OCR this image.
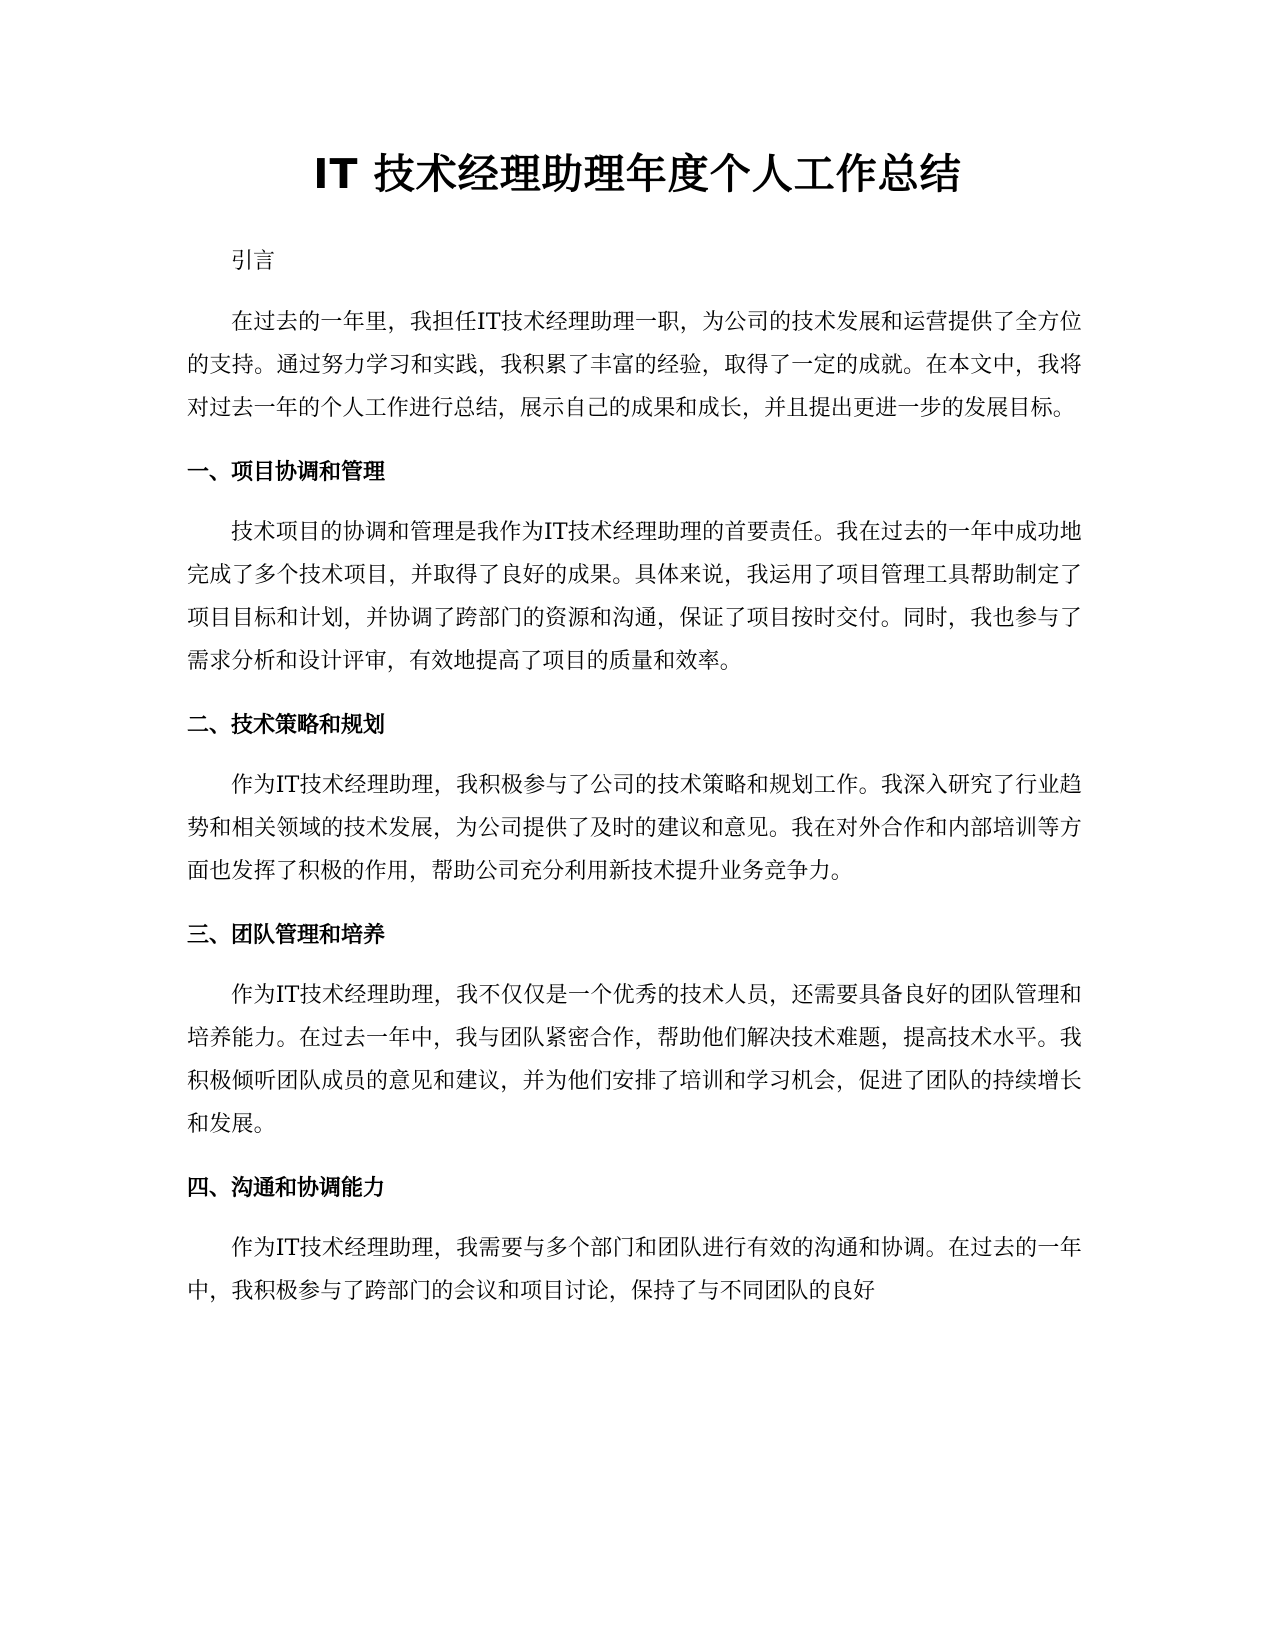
IT 技术经理助理年度个人工作总结

引言

在过去的一年里，我担任IT技术经理助理一职，为公司的技术发展和运营提供了全方位的支持。通过努力学习和实践，我积累了丰富的经验，取得了一定的成就。在本文中，我将对过去一年的个人工作进行总结，展示自己的成果和成长，并且提出更进一步的发展目标。

一、项目协调和管理

技术项目的协调和管理是我作为IT技术经理助理的首要责任。我在过去的一年中成功地完成了多个技术项目，并取得了良好的成果。具体来说，我运用了项目管理工具帮助制定了项目目标和计划，并协调了跨部门的资源和沟通，保证了项目按时交付。同时，我也参与了需求分析和设计评审，有效地提高了项目的质量和效率。

二、技术策略和规划

作为IT技术经理助理，我积极参与了公司的技术策略和规划工作。我深入研究了行业趋势和相关领域的技术发展，为公司提供了及时的建议和意见。我在对外合作和内部培训等方面也发挥了积极的作用，帮助公司充分利用新技术提升业务竞争力。

三、团队管理和培养

作为IT技术经理助理，我不仅仅是一个优秀的技术人员，还需要具备良好的团队管理和培养能力。在过去一年中，我与团队紧密合作，帮助他们解决技术难题，提高技术水平。我积极倾听团队成员的意见和建议，并为他们安排了培训和学习机会，促进了团队的持续增长和发展。

四、沟通和协调能力

作为IT技术经理助理，我需要与多个部门和团队进行有效的沟通和协调。在过去的一年中，我积极参与了跨部门的会议和项目讨论，保持了与不同团队的良好
